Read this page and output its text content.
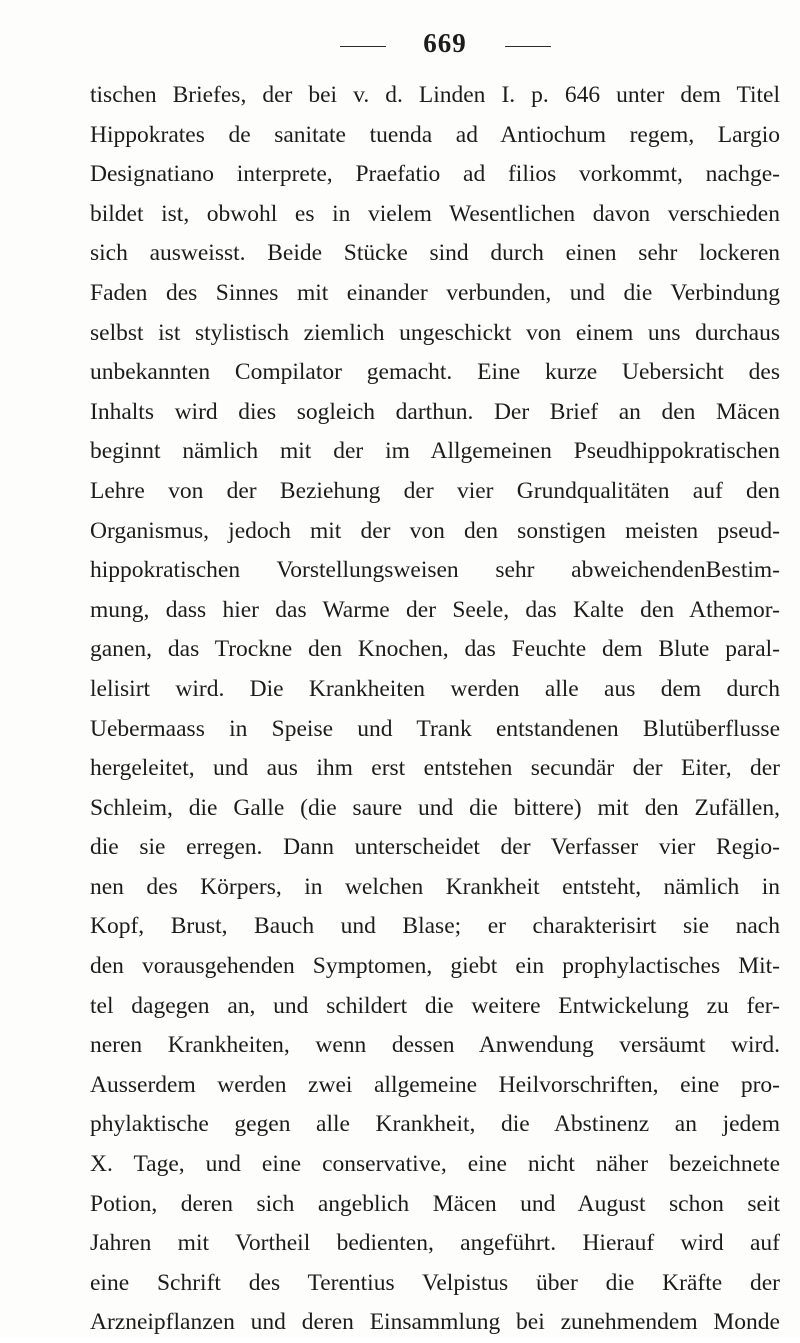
669
tischen Briefes, der bei v. d. Linden I. p. 646 unter dem Titel
Hippokrates de sanitate tuenda ad Antiochum regem, Largio
Designatiano interprete, Praefatio ad filios vorkommt, nachge-
bildet ist, obwohl es in vielem Wesentlichen davon verschieden
sich ausweisst. Beide Stücke sind durch einen sehr lockeren
Faden des Sinnes mit einander verbunden, und die Verbindung
selbst ist stylistisch ziemlich ungeschickt von einem uns durchaus
unbekannten Compilator gemacht. Eine kurze Uebersicht des
Inhalts wird dies sogleich darthun. Der Brief an den Mäcen
beginnt nämlich mit der im Allgemeinen Pseudhippokratischen
Lehre von der Beziehung der vier Grundqualitäten auf den
Organismus, jedoch mit der von den sonstigen meisten pseud-
hippokratischen Vorstellungsweisen sehr abweichendenBestim-
mung, dass hier das Warme der Seele, das Kalte den Athemor-
ganen, das Trockne den Knochen, das Feuchte dem Blute paral-
lelisirt wird. Die Krankheiten werden alle aus dem durch
Uebermaass in Speise und Trank entstandenen Blutüberflusse
hergeleitet, und aus ihm erst entstehen secundär der Eiter, der
Schleim, die Galle (die saure und die bittere) mit den Zufällen,
die sie erregen. Dann unterscheidet der Verfasser vier Regio-
nen des Körpers, in welchen Krankheit entsteht, nämlich in
Kopf, Brust, Bauch und Blase; er charakterisirt sie nach
den vorausgehenden Symptomen, giebt ein prophylactisches Mit-
tel dagegen an, und schildert die weitere Entwickelung zu fer-
neren Krankheiten, wenn dessen Anwendung versäumt wird.
Ausserdem werden zwei allgemeine Heilvorschriften, eine pro-
phylaktische gegen alle Krankheit, die Abstinenz an jedem
X. Tage, und eine conservative, eine nicht näher bezeichnete
Potion, deren sich angeblich Mäcen und August schon seit
Jahren mit Vortheil bedienten, angeführt. Hierauf wird auf
eine Schrift des Terentius Velpistus über die Kräfte der
Arzneipflanzen und deren Einsammlung bei zunehmendem Monde
